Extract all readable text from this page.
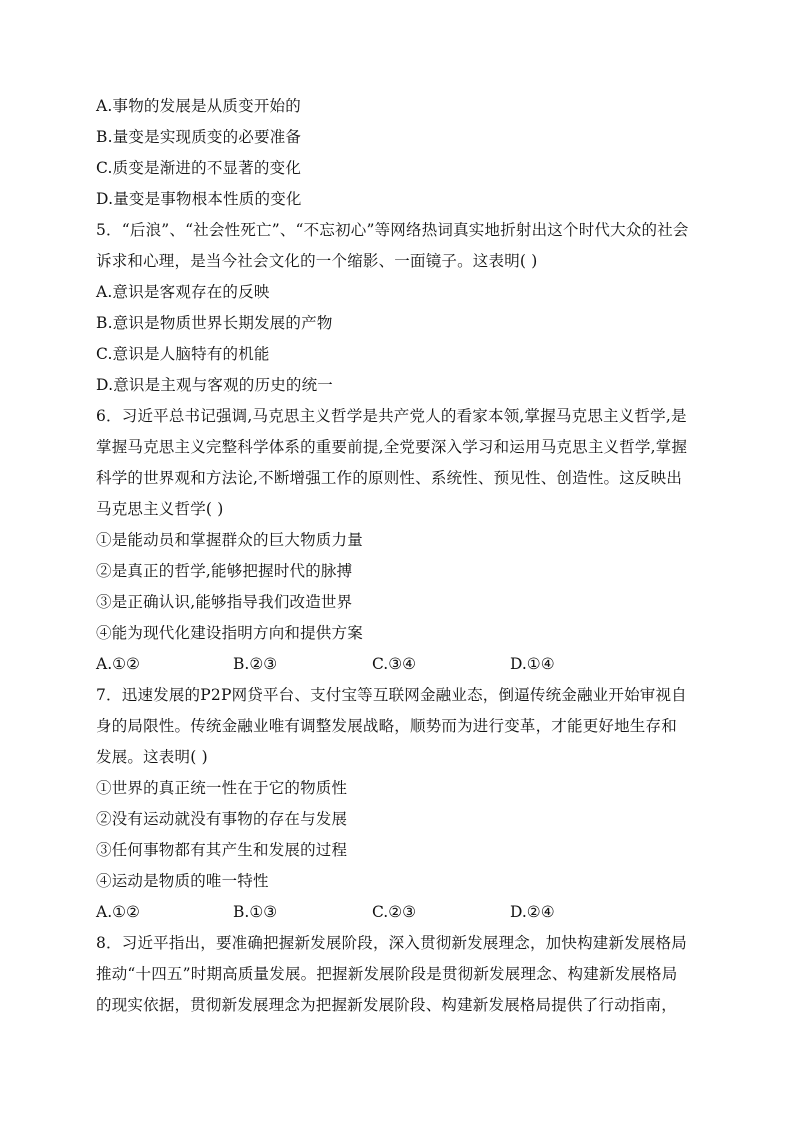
A.事物的发展是从质变开始的
B.量变是实现质变的必要准备
C.质变是渐进的不显著的变化
D.量变是事物根本性质的变化
5．“后浪”、“社会性死亡”、“不忘初心”等网络热词真实地折射出这个时代大众的社会
诉求和心理，是当今社会文化的一个缩影、一面镜子。这表明( )
A.意识是客观存在的反映
B.意识是物质世界长期发展的产物
C.意识是人脑特有的机能
D.意识是主观与客观的历史的统一
6．习近平总书记强调,马克思主义哲学是共产党人的看家本领,掌握马克思主义哲学,是
掌握马克思主义完整科学体系的重要前提,全党要深入学习和运用马克思主义哲学,掌握
科学的世界观和方法论,不断增强工作的原则性、系统性、预见性、创造性。这反映出
马克思主义哲学( )
①是能动员和掌握群众的巨大物质力量
②是真正的哲学,能够把握时代的脉搏
③是正确认识,能够指导我们改造世界
④能为现代化建设指明方向和提供方案
A.①②	B.②③	C.③④	D.①④
7．迅速发展的P2P网贷平台、支付宝等互联网金融业态，倒逼传统金融业开始审视自
身的局限性。传统金融业唯有调整发展战略，顺势而为进行变革，才能更好地生存和
发展。这表明( )
①世界的真正统一性在于它的物质性
②没有运动就没有事物的存在与发展
③任何事物都有其产生和发展的过程
④运动是物质的唯一特性
A.①②	B.①③	C.②③	D.②④
8．习近平指出，要准确把握新发展阶段，深入贯彻新发展理念，加快构建新发展格局
推动“十四五”时期高质量发展。把握新发展阶段是贯彻新发展理念、构建新发展格局
的现实依据，贯彻新发展理念为把握新发展阶段、构建新发展格局提供了行动指南，
